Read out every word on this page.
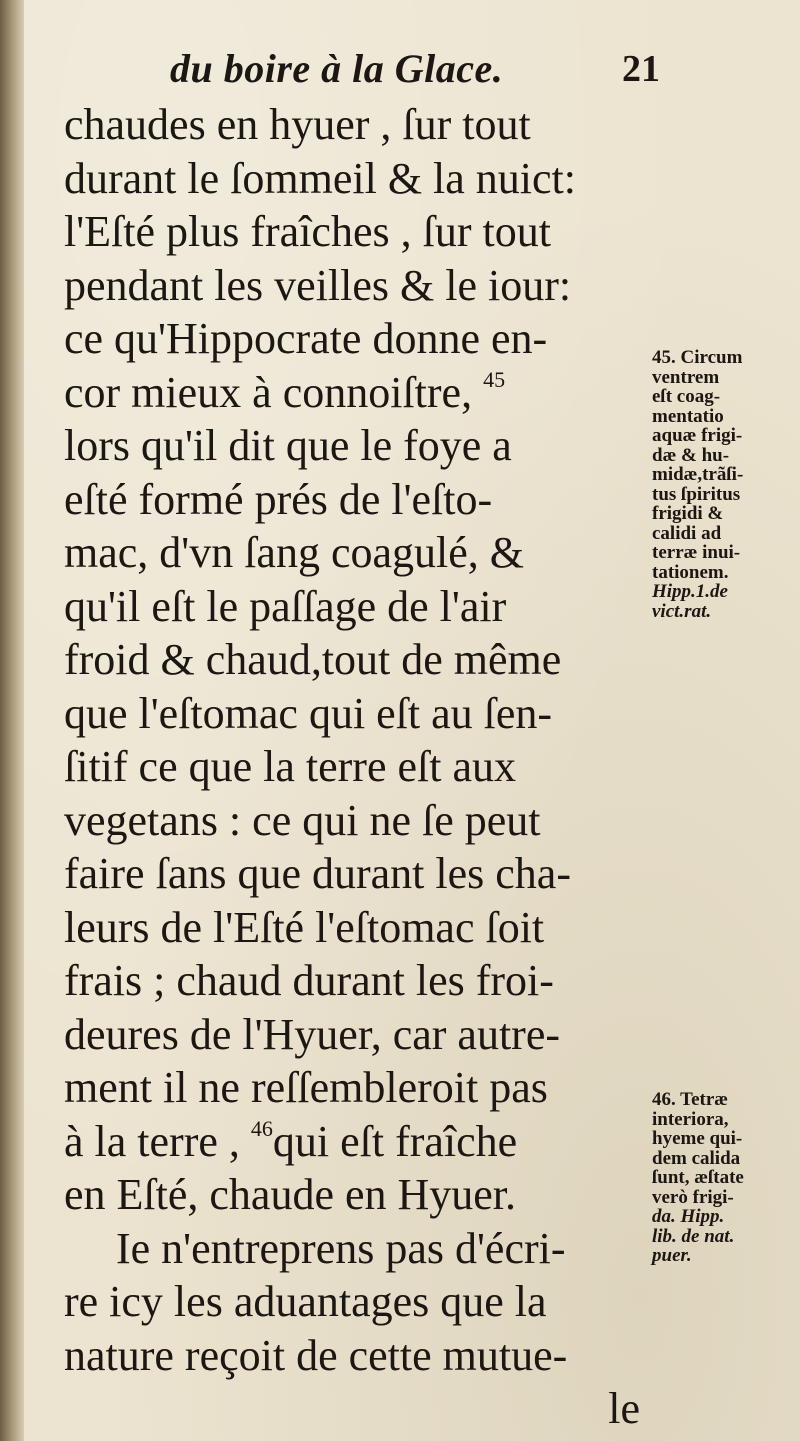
du boire à la Glace.	21
chaudes en hyuer , ſur tout
durant le ſommeil & la nuict:
l'Eſté plus fraîches , ſur tout
pendant les veilles & le iour:
ce qu'Hippocrate donne en-
cor mieux à connoiſtre, $^{45}$
lors qu'il dit que le foye a
eſté formé prés de l'eſto-
mac, d'vn ſang coagulé, &
qu'il eſt le paſſage de l'air
froid & chaud,tout de même
que l'eſtomac qui eſt au ſen-
ſitif ce que la terre eſt aux
vegetans : ce qui ne ſe peut
faire ſans que durant les cha-
leurs de l'Eſté l'eſtomac ſoit
frais ; chaud durant les froi-
deures de l'Hyuer, car autre-
ment il ne reſſembleroit pas
à la terre , $^{46}$qui eſt fraîche
en Eſté, chaude en Hyuer.
Ie n'entreprens pas d'écri-
re icy les aduantages que la
nature reçoit de cette mutue-
le
45. Circum
ventrem
eſt coag-
mentatio
aquæ frigi-
dæ & hu-
midæ,trãſi-
tus ſpiritus
frigidi &
calidi ad
terræ inui-
tationem.
Hipp.1.de
vict.rat.
46. Tetræ
interiora,
hyeme qui-
dem calida
ſunt, æſtate
verò frigi-
da. Hipp.
lib. de nat.
puer.
